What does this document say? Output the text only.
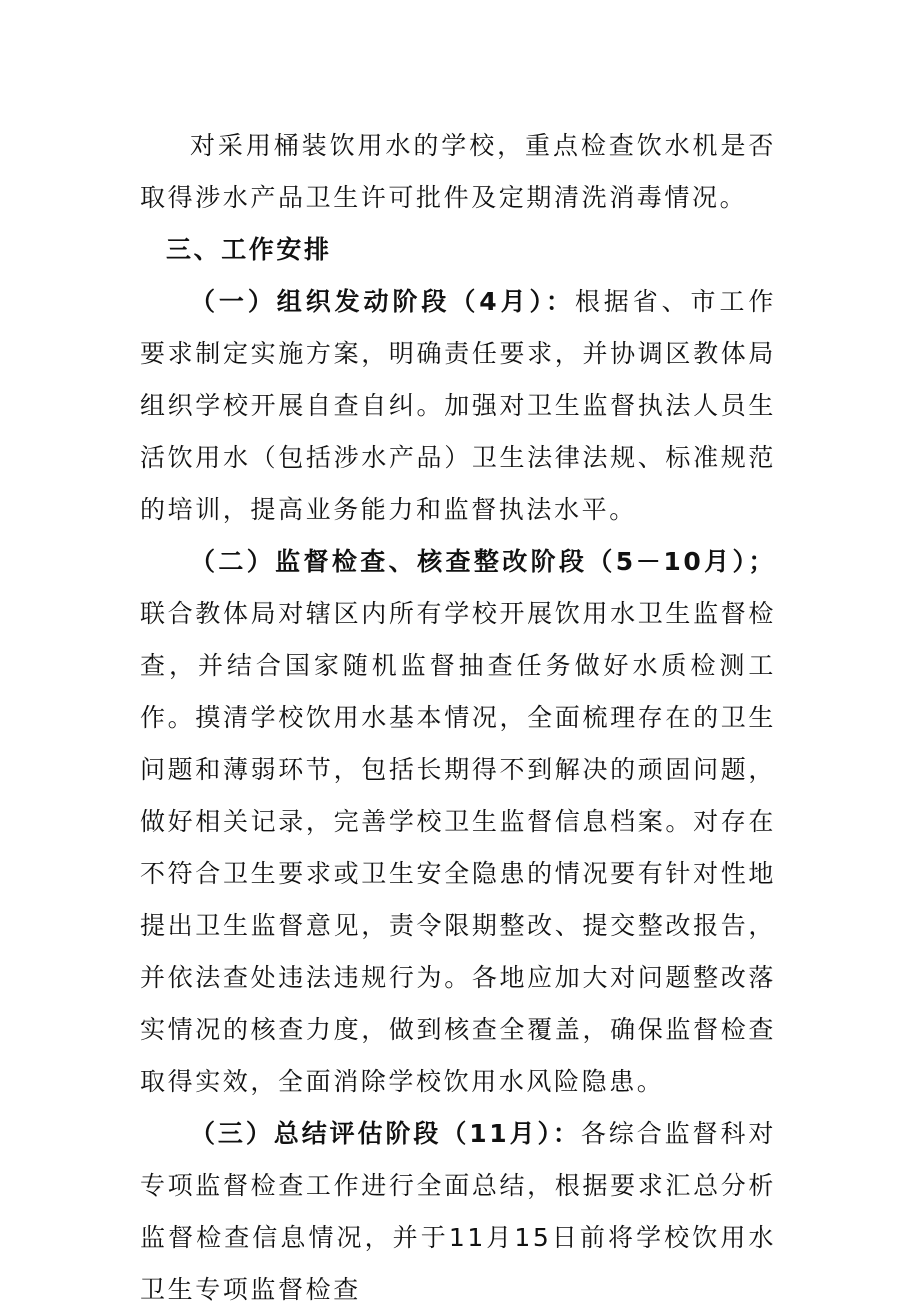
对采用桶装饮用水的学校，重点检查饮水机是否取得涉水产品卫生许可批件及定期清洗消毒情况。

三、工作安排

（一）组织发动阶段（4月）：根据省、市工作要求制定实施方案，明确责任要求，并协调区教体局组织学校开展自查自纠。加强对卫生监督执法人员生活饮用水（包括涉水产品）卫生法律法规、标准规范的培训，提高业务能力和监督执法水平。

（二）监督检查、核查整改阶段（5－10月）；联合教体局对辖区内所有学校开展饮用水卫生监督检查，并结合国家随机监督抽查任务做好水质检测工作。摸清学校饮用水基本情况，全面梳理存在的卫生问题和薄弱环节，包括长期得不到解决的顽固问题，做好相关记录，完善学校卫生监督信息档案。对存在不符合卫生要求或卫生安全隐患的情况要有针对性地提出卫生监督意见，责令限期整改、提交整改报告，并依法查处违法违规行为。各地应加大对问题整改落实情况的核查力度，做到核查全覆盖，确保监督检查取得实效，全面消除学校饮用水风险隐患。

（三）总结评估阶段（11月）：各综合监督科对专项监督检查工作进行全面总结，根据要求汇总分析监督检查信息情况，并于11月15日前将学校饮用水卫生专项监督检查
